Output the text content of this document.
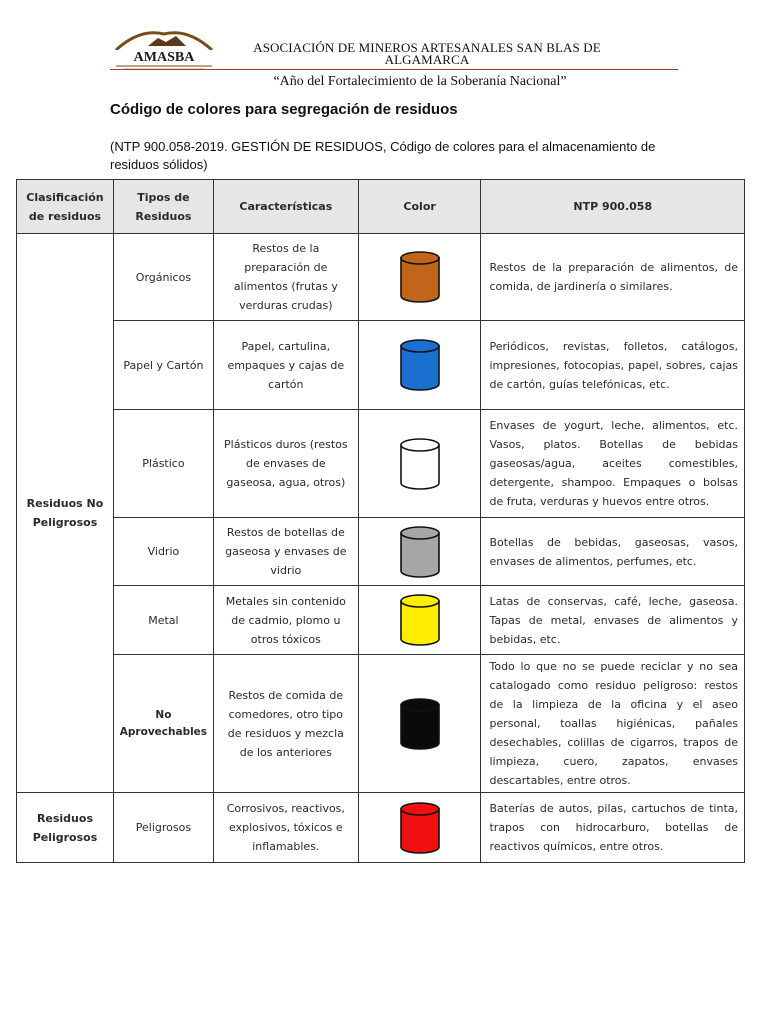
AMASBA
ASOCIACIÓN DE MINEROS ARTESANALES SAN BLAS DE
ALGAMARCA
“Año del Fortalecimiento de la Soberanía Nacional”
Código de colores para segregación de residuos
(NTP 900.058-2019. GESTIÓN DE RESIDUOS, Código de colores para el almacenamiento de
residuos sólidos)
Clasificación de residuos	Tipos de Residuos	Características	Color	NTP 900.058
Residuos No Peligrosos	Orgánicos	Restos de la preparación de alimentos (frutas y verduras crudas)		Restos de la preparación de alimentos, de comida, de jardinería o similares.
	Papel y Cartón	Papel, cartulina, empaques y cajas de cartón		Periódicos, revistas, folletos, catálogos, impresiones, fotocopias, papel, sobres, cajas de cartón, guías telefónicas, etc.
	Plástico	Plásticos duros (restos de envases de gaseosa, agua, otros)		Envases de yogurt, leche, alimentos, etc. Vasos, platos. Botellas de bebidas gaseosas/agua, aceites comestibles, detergente, shampoo. Empaques o bolsas de fruta, verduras y huevos entre otros.
	Vidrio	Restos de botellas de gaseosa y envases de vidrio		Botellas de bebidas, gaseosas, vasos, envases de alimentos, perfumes, etc.
	Metal	Metales sin contenido de cadmio, plomo u otros tóxicos		Latas de conservas, café, leche, gaseosa. Tapas de metal, envases de alimentos y bebidas, etc.
	No Aprovechables	Restos de comida de comedores, otro tipo de residuos y mezcla de los anteriores		Todo lo que no se puede reciclar y no sea catalogado como residuo peligroso: restos de la limpieza de la oficina y el aseo personal, toallas higiénicas, pañales desechables, colillas de cigarros, trapos de limpieza, cuero, zapatos, envases descartables, entre otros.
Residuos Peligrosos	Peligrosos	Corrosivos, reactivos, explosivos, tóxicos e inflamables.		Baterías de autos, pilas, cartuchos de tinta, trapos con hidrocarburo, botellas de reactivos químicos, entre otros.
